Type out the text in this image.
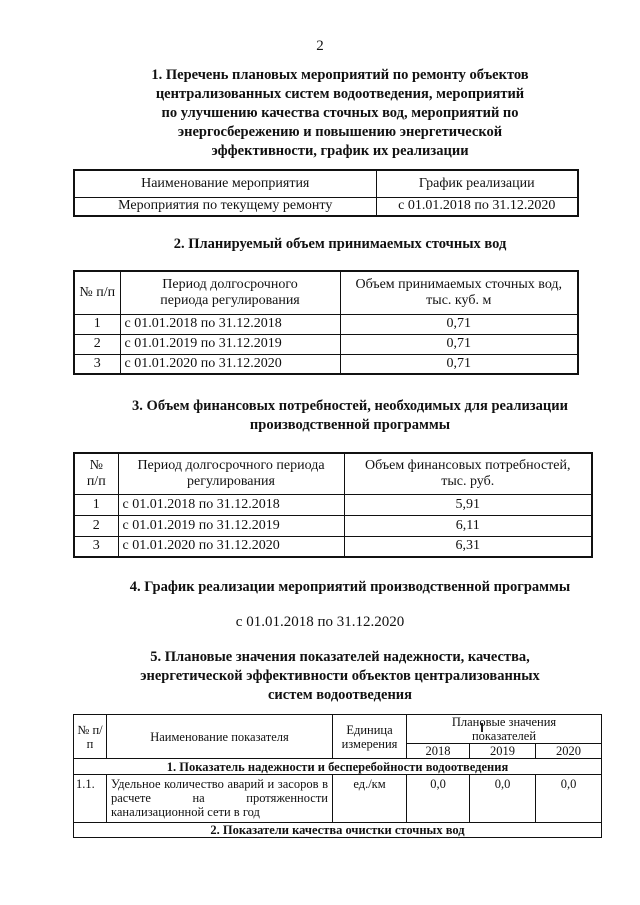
2
1. Перечень плановых мероприятий по ремонту объектов
централизованных систем водоотведения, мероприятий
по улучшению качества сточных вод, мероприятий по
энергосбережению и повышению энергетической
эффективности, график их реализации
Наименование мероприятия	График реализации
Мероприятия по текущему ремонту	с 01.01.2018 по 31.12.2020
2. Планируемый объем принимаемых сточных вод
№ п/п	Период долгосрочного периода регулирования	Объем принимаемых сточных вод, тыс. куб. м
1	с 01.01.2018 по 31.12.2018	0,71
2	с 01.01.2019 по 31.12.2019	0,71
3	с 01.01.2020 по 31.12.2020	0,71
3. Объем финансовых потребностей, необходимых для реализации
производственной программы
№ п/п	Период долгосрочного периода регулирования	Объем финансовых потребностей, тыс. руб.
1	с 01.01.2018 по 31.12.2018	5,91
2	с 01.01.2019 по 31.12.2019	6,11
3	с 01.01.2020 по 31.12.2020	6,31
4. График реализации мероприятий производственной программы
с 01.01.2018 по 31.12.2020
5. Плановые значения показателей надежности, качества,
энергетической эффективности объектов централизованных
систем водоотведения
№ п/п	Наименование показателя	Единица измерения	Плановые значения показателей		
			2018	2019	2020
1. Показатель надежности и бесперебойности водоотведения					
1.1.	Удельное количество аварий и засоров в расчете на протяженности канализационной сети в год	ед./км	0,0	0,0	0,0
2. Показатели качества очистки сточных вод					
